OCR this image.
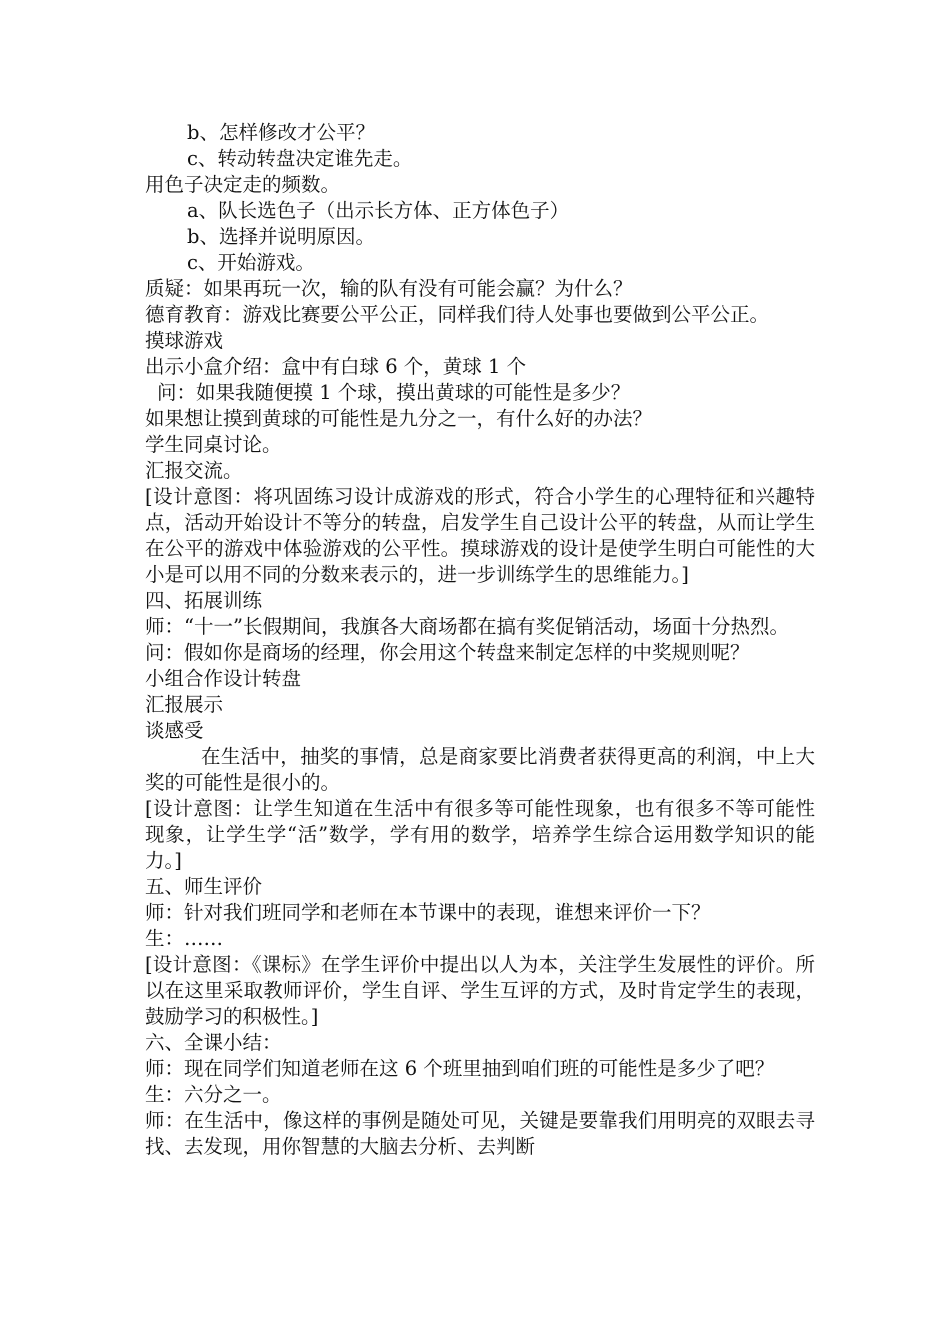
b、怎样修改才公平？

c、转动转盘决定谁先走。

用色子决定走的频数。

a、队长选色子（出示长方体、正方体色子）

b、选择并说明原因。

c、开始游戏。

质疑：如果再玩一次，输的队有没有可能会赢？为什么？

德育教育：游戏比赛要公平公正，同样我们待人处事也要做到公平公正。

摸球游戏

出示小盒介绍：盒中有白球 6 个，黄球 1 个

问：如果我随便摸 1 个球，摸出黄球的可能性是多少？

如果想让摸到黄球的可能性是九分之一，有什么好的办法？

学生同桌讨论。

汇报交流。

[设计意图：将巩固练习设计成游戏的形式，符合小学生的心理特征和兴趣特点，活动开始设计不等分的转盘，启发学生自己设计公平的转盘，从而让学生在公平的游戏中体验游戏的公平性。摸球游戏的设计是使学生明白可能性的大小是可以用不同的分数来表示的，进一步训练学生的思维能力。]

四、拓展训练

师：“十一”长假期间，我旗各大商场都在搞有奖促销活动，场面十分热烈。

问：假如你是商场的经理，你会用这个转盘来制定怎样的中奖规则呢？

小组合作设计转盘

汇报展示

谈感受

在生活中，抽奖的事情，总是商家要比消费者获得更高的利润，中上大奖的可能性是很小的。

[设计意图：让学生知道在生活中有很多等可能性现象，也有很多不等可能性现象，让学生学“活”数学，学有用的数学，培养学生综合运用数学知识的能力。]

五、师生评价

师：针对我们班同学和老师在本节课中的表现，谁想来评价一下？

生：……

[设计意图：《课标》在学生评价中提出以人为本，关注学生发展性的评价。所以在这里采取教师评价，学生自评、学生互评的方式，及时肯定学生的表现，鼓励学习的积极性。]

六、全课小结：

师：现在同学们知道老师在这 6 个班里抽到咱们班的可能性是多少了吧？

生：六分之一。

师：在生活中，像这样的事例是随处可见，关键是要靠我们用明亮的双眼去寻找、去发现，用你智慧的大脑去分析、去判断
